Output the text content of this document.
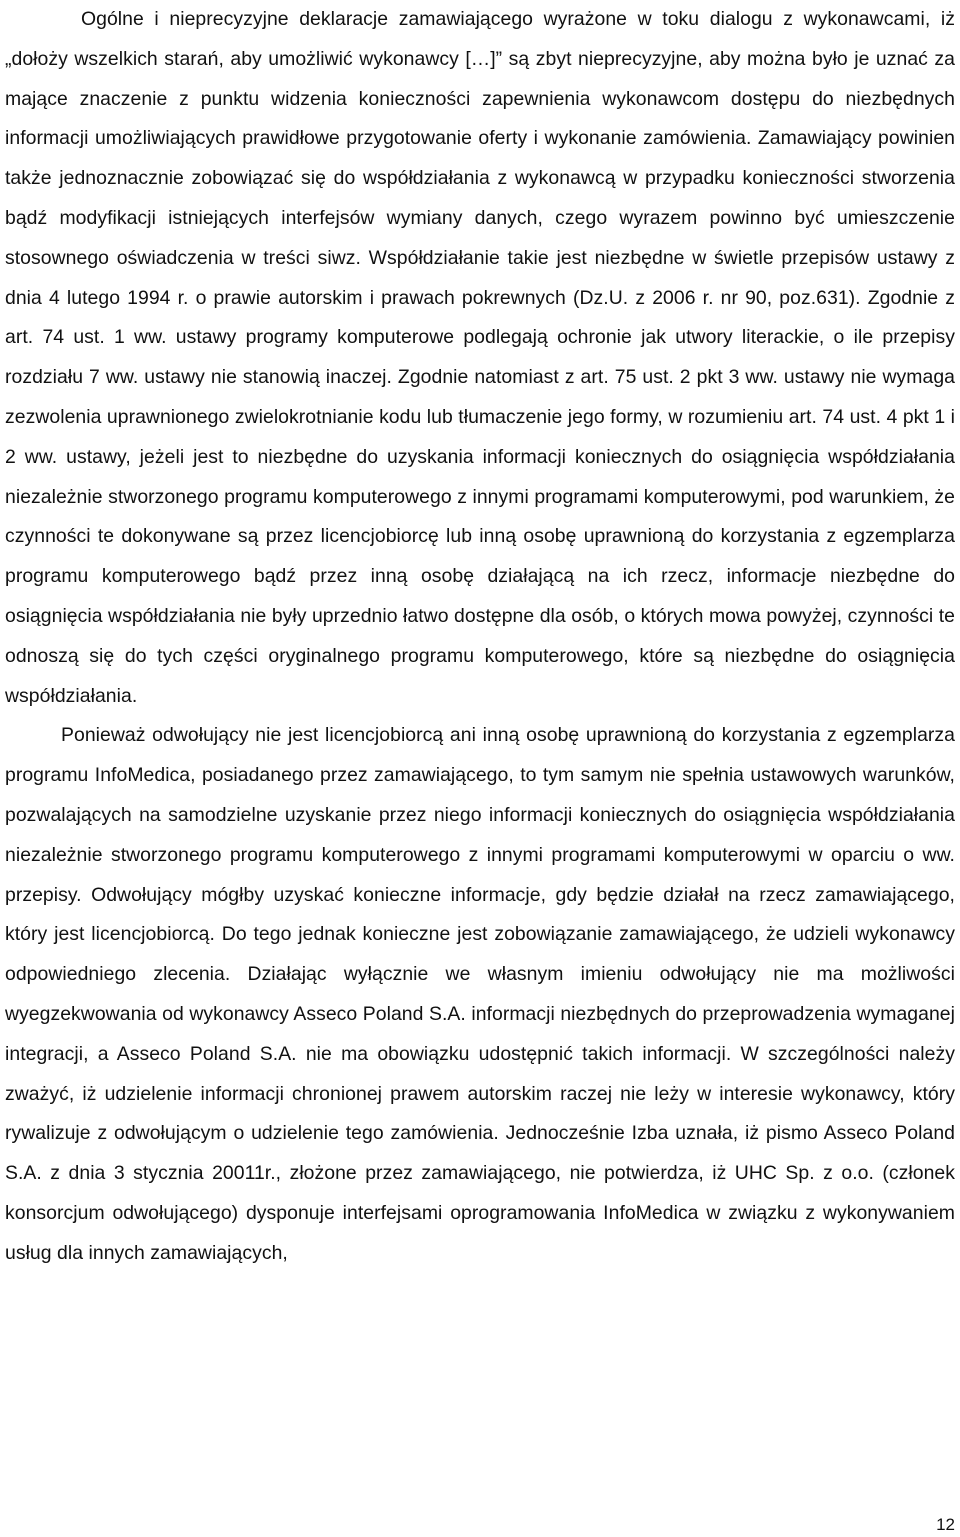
Ogólne i nieprecyzyjne deklaracje zamawiającego wyrażone w toku dialogu z wykonawcami, iż „dołoży wszelkich starań, aby umożliwić wykonawcy […]” są zbyt nieprecyzyjne, aby można było je uznać za mające znaczenie z punktu widzenia konieczności zapewnienia wykonawcom dostępu do niezbędnych informacji umożliwiających prawidłowe przygotowanie oferty i wykonanie zamówienia. Zamawiający powinien także jednoznacznie zobowiązać się do współdziałania z wykonawcą w przypadku konieczności stworzenia bądź modyfikacji istniejących interfejsów wymiany danych, czego wyrazem powinno być umieszczenie stosownego oświadczenia w treści siwz. Współdziałanie takie jest niezbędne w świetle przepisów ustawy z dnia 4 lutego 1994 r. o prawie autorskim i prawach pokrewnych (Dz.U. z 2006 r. nr 90, poz.631). Zgodnie z art. 74 ust. 1 ww. ustawy programy komputerowe podlegają ochronie jak utwory literackie, o ile przepisy rozdziału 7 ww. ustawy nie stanowią inaczej. Zgodnie natomiast z art. 75 ust. 2 pkt 3 ww. ustawy nie wymaga zezwolenia uprawnionego zwielokrotnianie kodu lub tłumaczenie jego formy, w rozumieniu art. 74 ust. 4 pkt 1 i 2 ww. ustawy, jeżeli jest to niezbędne do uzyskania informacji koniecznych do osiągnięcia współdziałania niezależnie stworzonego programu komputerowego z innymi programami komputerowymi, pod warunkiem, że czynności te dokonywane są przez licencjobiorcę lub inną osobę uprawnioną do korzystania z egzemplarza programu komputerowego bądź przez inną osobę działającą na ich rzecz, informacje niezbędne do osiągnięcia współdziałania nie były uprzednio łatwo dostępne dla osób, o których mowa powyżej, czynności te odnoszą się do tych części oryginalnego programu komputerowego, które są niezbędne do osiągnięcia współdziałania.

Ponieważ odwołujący nie jest licencjobiorcą ani inną osobę uprawnioną do korzystania z egzemplarza programu InfoMedica, posiadanego przez zamawiającego, to tym samym nie spełnia ustawowych warunków, pozwalających na samodzielne uzyskanie przez niego informacji koniecznych do osiągnięcia współdziałania niezależnie stworzonego programu komputerowego z innymi programami komputerowymi w oparciu o ww. przepisy. Odwołujący mógłby uzyskać konieczne informacje, gdy będzie działał na rzecz zamawiającego, który jest licencjobiorcą. Do tego jednak konieczne jest zobowiązanie zamawiającego, że udzieli wykonawcy odpowiedniego zlecenia. Działając wyłącznie we własnym imieniu odwołujący nie ma możliwości wyegzekwowania od wykonawcy Asseco Poland S.A. informacji niezbędnych do przeprowadzenia wymaganej integracji, a Asseco Poland S.A. nie ma obowiązku udostępnić takich informacji. W szczególności należy zważyć, iż udzielenie informacji chronionej prawem autorskim raczej nie leży w interesie wykonawcy, który rywalizuje z odwołującym o udzielenie tego zamówienia. Jednocześnie Izba uznała, iż pismo Asseco Poland S.A. z dnia 3 stycznia 20011r., złożone przez zamawiającego, nie potwierdza, iż UHC Sp. z o.o. (członek konsorcjum odwołującego) dysponuje interfejsami oprogramowania InfoMedica w związku z wykonywaniem usług dla innych zamawiających,

12
